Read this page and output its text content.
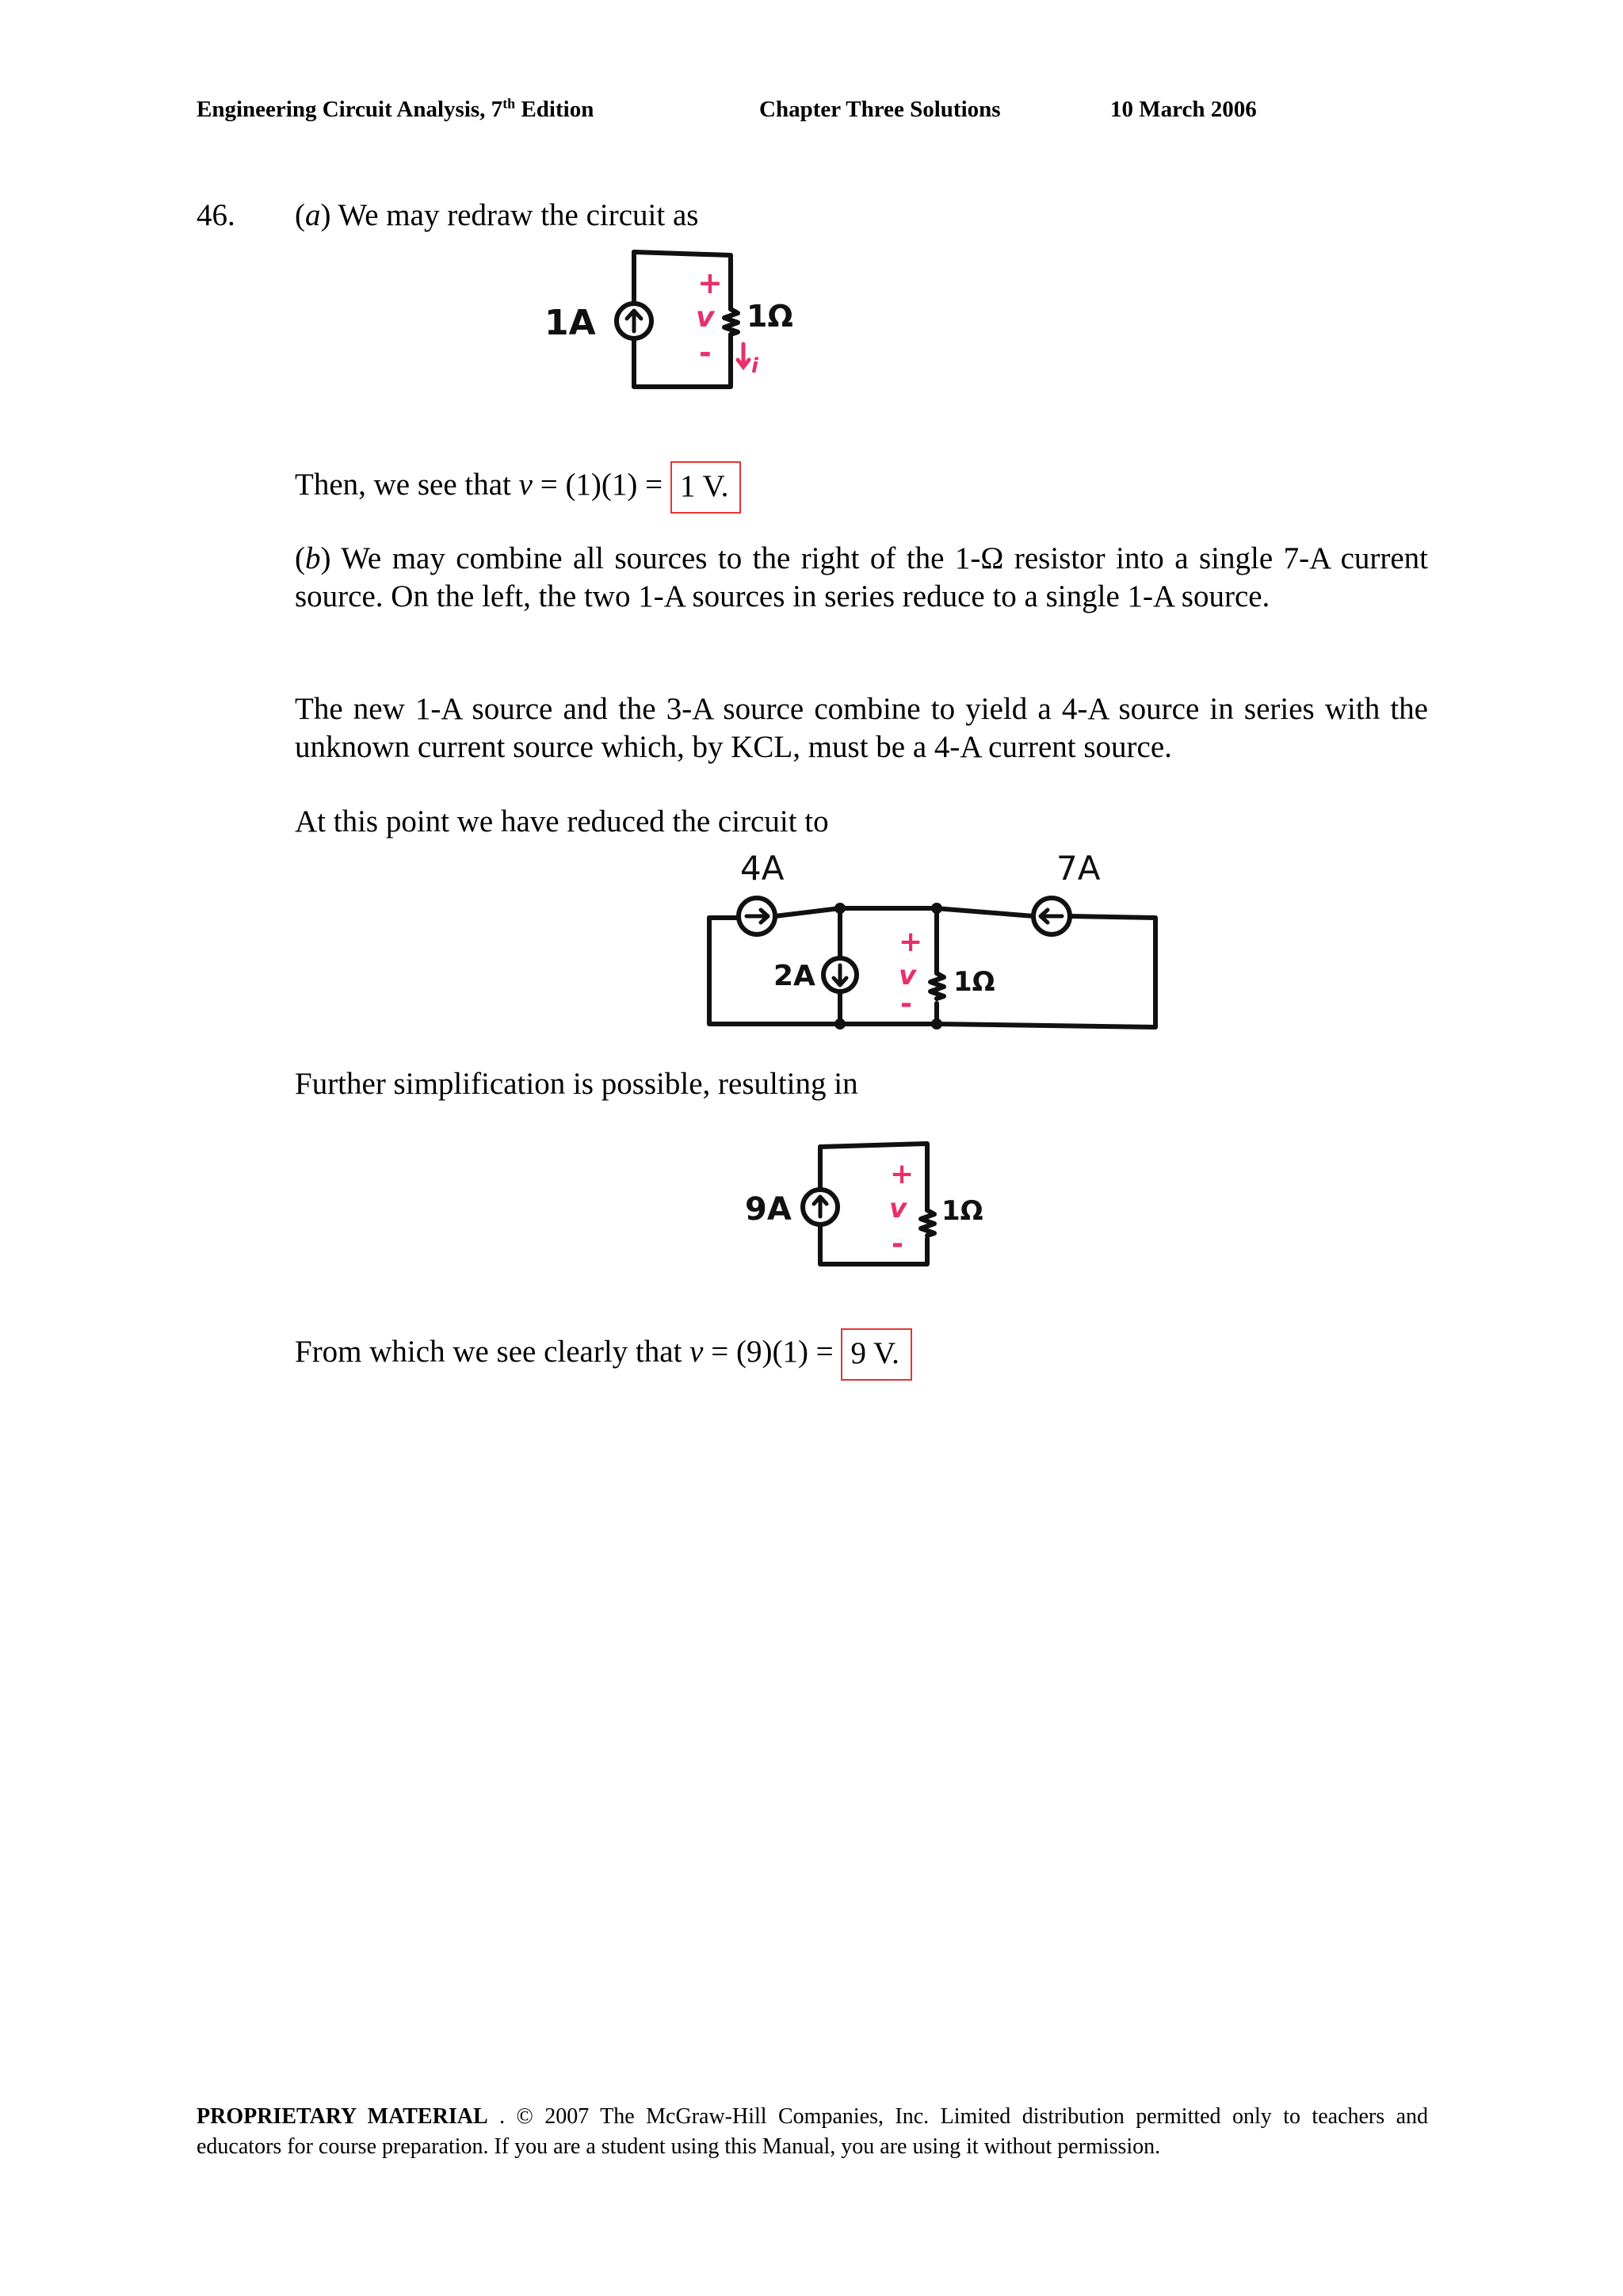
Engineering Circuit Analysis, 7th Edition	Chapter Three Solutions	10 March 2006
46. (a) We may redraw the circuit as
1A	1Ω
+
v
- i
Then, we see that v = (1)(1) = 1 V.
(b) We may combine all sources to the right of the 1-Ω resistor into a single 7-A current source. On the left, the two 1-A sources in series reduce to a single 1-A source.
The new 1-A source and the 3-A source combine to yield a 4-A source in series with the unknown current source which, by KCL, must be a 4-A current source.
At this point we have reduced the circuit to
4A	7A
2A	1Ω
+
v
-
Further simplification is possible, resulting in
9A	1Ω
+
v
-
From which we see clearly that v = (9)(1) = 9 V.
PROPRIETARY MATERIAL . © 2007 The McGraw-Hill Companies, Inc. Limited distribution permitted only to teachers and educators for course preparation. If you are a student using this Manual, you are using it without permission.
